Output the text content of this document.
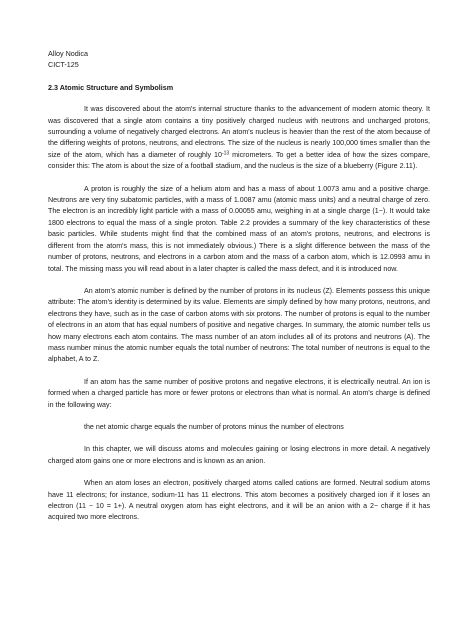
Alloy Nodica
CICT-125
2.3 Atomic Structure and Symbolism

It was discovered about the atom's internal structure thanks to the advancement of modern atomic theory. It was discovered that a single atom contains a tiny positively charged nucleus with neutrons and uncharged protons, surrounding a volume of negatively charged electrons. An atom's nucleus is heavier than the rest of the atom because of the differing weights of protons, neutrons, and electrons. The size of the nucleus is nearly 100,000 times smaller than the size of the atom, which has a diameter of roughly $10^{-13}$ micrometers. To get a better idea of how the sizes compare, consider this: The atom is about the size of a football stadium, and the nucleus is the size of a blueberry (Figure 2.11).

A proton is roughly the size of a helium atom and has a mass of about 1.0073 amu and a positive charge. Neutrons are very tiny subatomic particles, with a mass of 1.0087 amu (atomic mass units) and a neutral charge of zero. The electron is an incredibly light particle with a mass of 0.00055 amu, weighing in at a single charge (1−). It would take 1800 electrons to equal the mass of a single proton. Table 2.2 provides a summary of the key characteristics of these basic particles. While students might find that the combined mass of an atom's protons, neutrons, and electrons is different from the atom's mass, this is not immediately obvious.) There is a slight difference between the mass of the number of protons, neutrons, and electrons in a carbon atom and the mass of a carbon atom, which is 12.0993 amu in total. The missing mass you will read about in a later chapter is called the mass defect, and it is introduced now.

An atom's atomic number is defined by the number of protons in its nucleus (Z). Elements possess this unique attribute: The atom's identity is determined by its value. Elements are simply defined by how many protons, neutrons, and electrons they have, such as in the case of carbon atoms with six protons. The number of protons is equal to the number of electrons in an atom that has equal numbers of positive and negative charges. In summary, the atomic number tells us how many electrons each atom contains. The mass number of an atom includes all of its protons and neutrons (A). The mass number minus the atomic number equals the total number of neutrons: The total number of neutrons is equal to the alphabet, A to Z.

If an atom has the same number of positive protons and negative electrons, it is electrically neutral. An ion is formed when a charged particle has more or fewer protons or electrons than what is normal. An atom's charge is defined in the following way:

the net atomic charge equals the number of protons minus the number of electrons

In this chapter, we will discuss atoms and molecules gaining or losing electrons in more detail. A negatively charged atom gains one or more electrons and is known as an anion.

When an atom loses an electron, positively charged atoms called cations are formed. Neutral sodium atoms have 11 electrons; for instance, sodium-11 has 11 electrons. This atom becomes a positively charged ion if it loses an electron (11 − 10 = 1+). A neutral oxygen atom has eight electrons, and it will be an anion with a 2− charge if it has acquired two more electrons.
